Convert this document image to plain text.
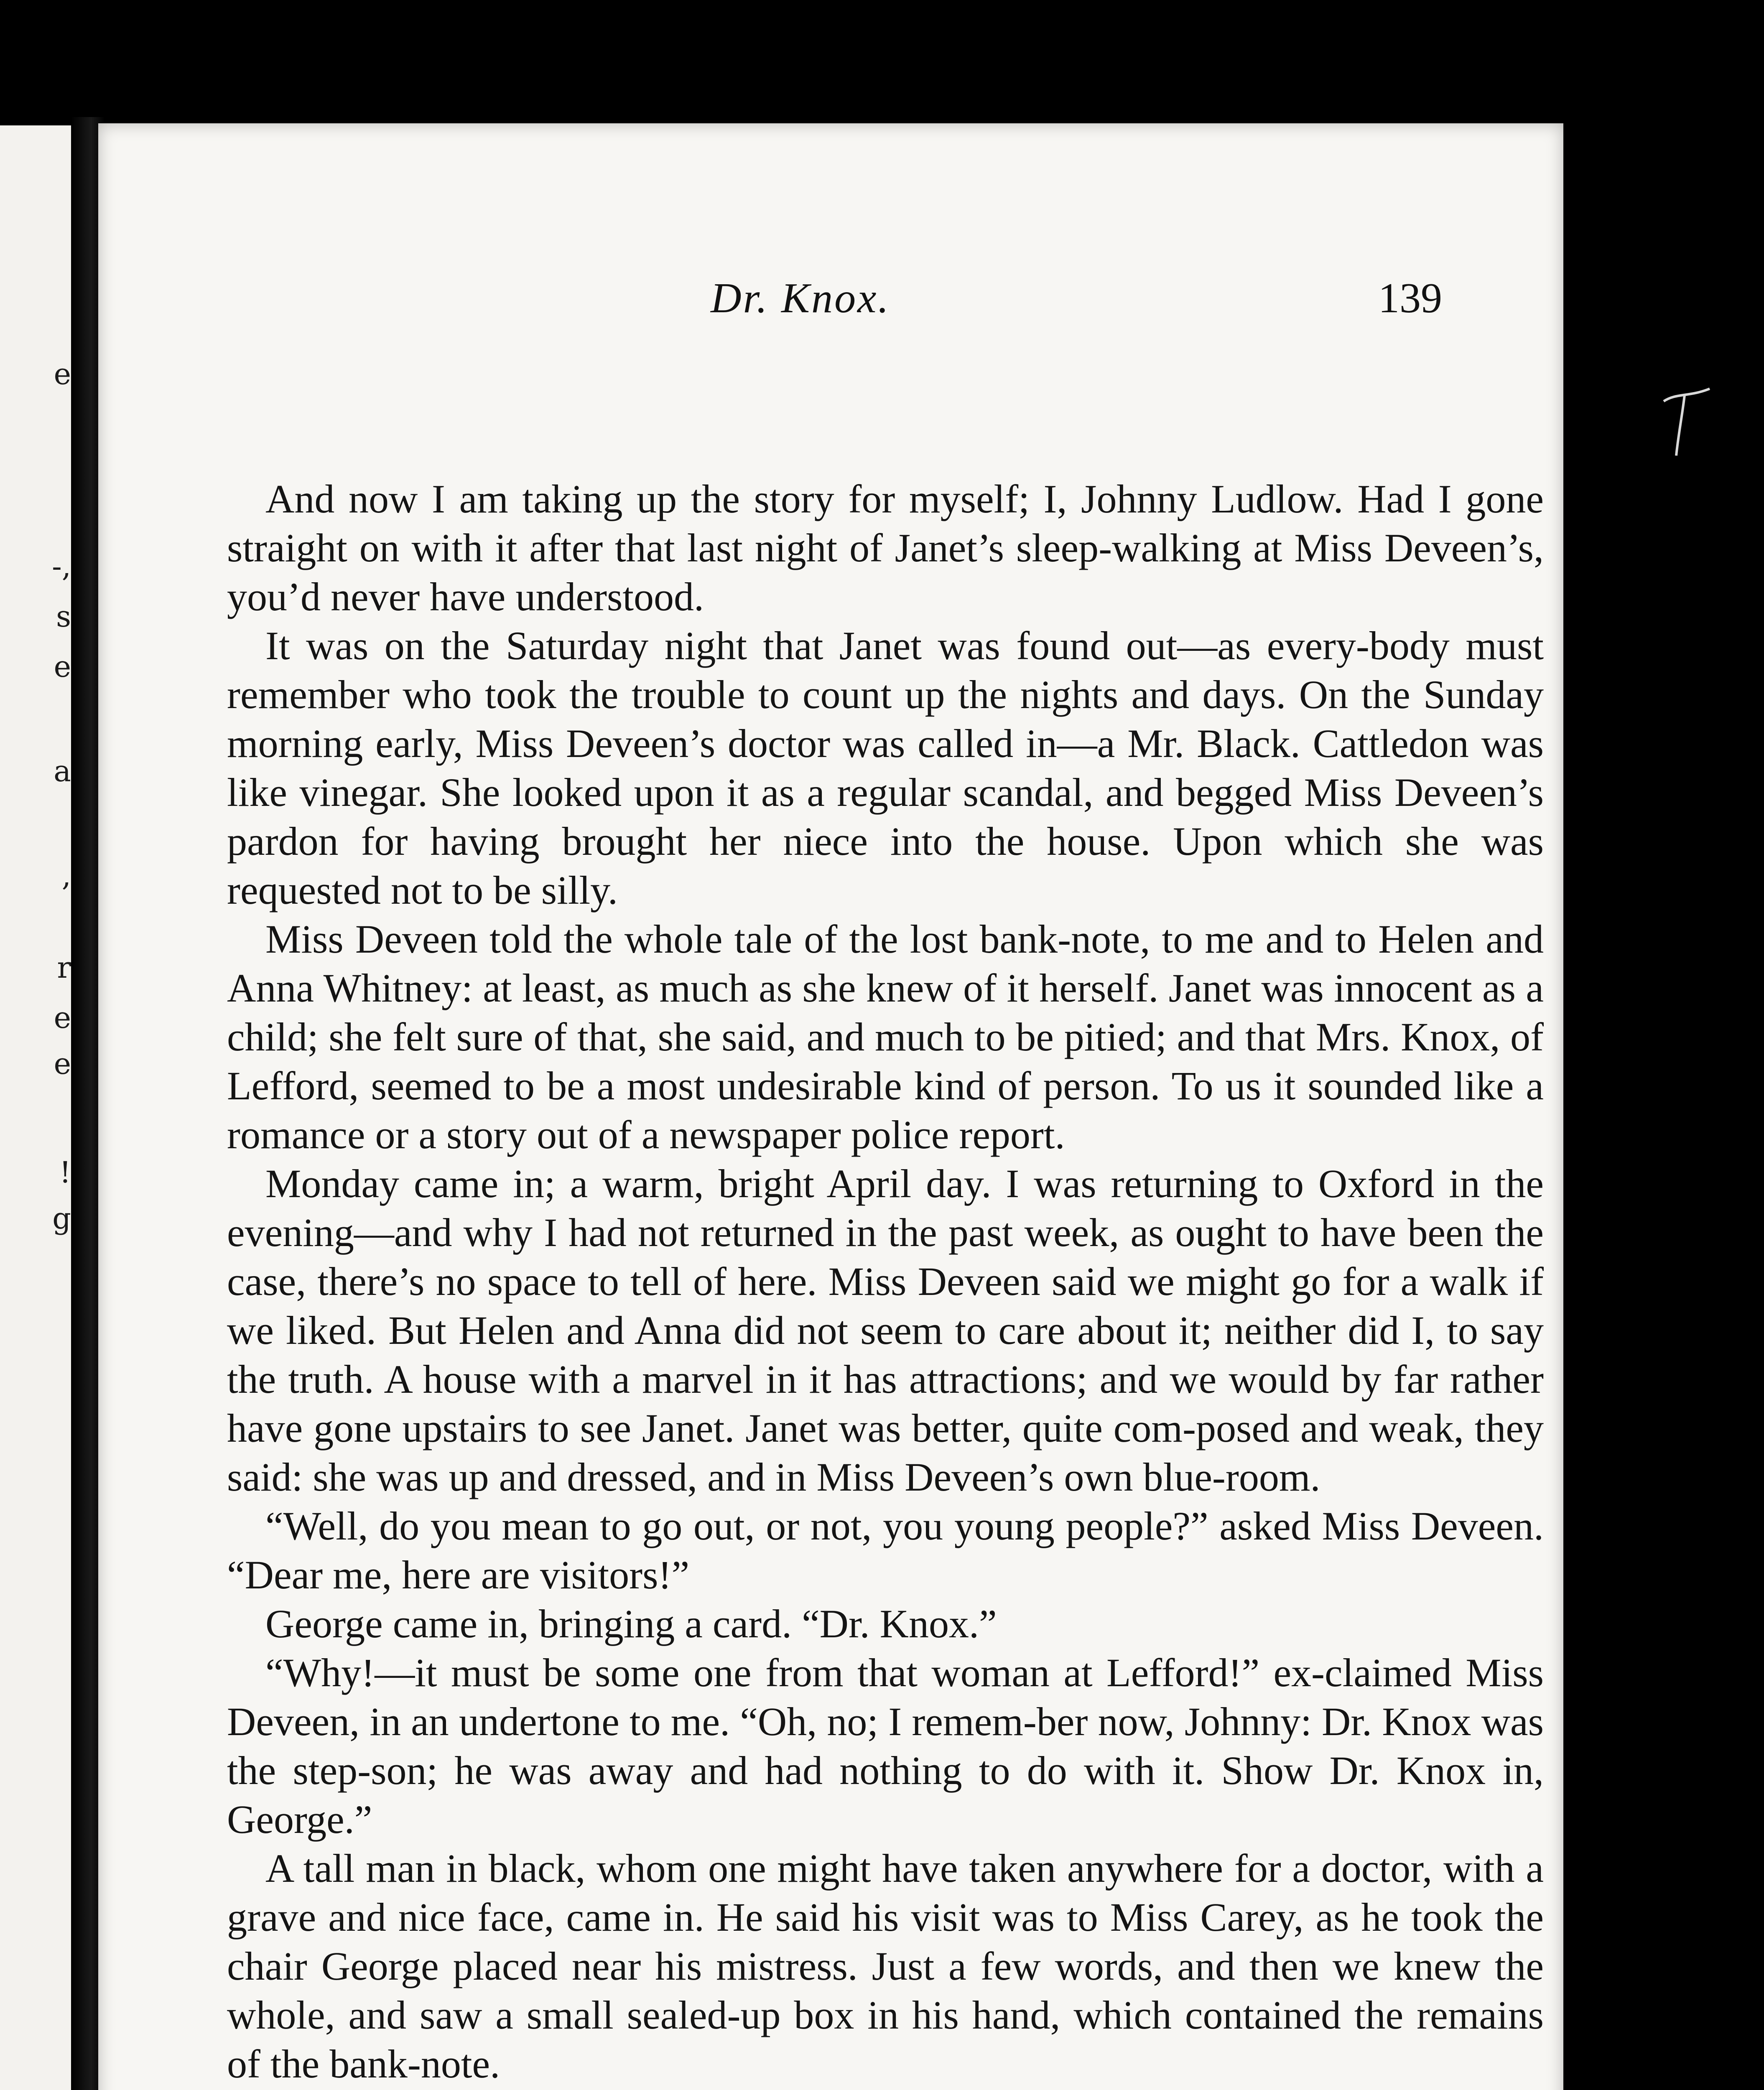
e
-,
s
e
a
,
r
e
e
!
g
Dr. Knox.	139

And now I am taking up the story for myself; I, Johnny Ludlow. Had I gone straight on with it after that last night of Janet’s sleep-walking at Miss Deveen’s, you’d never have understood.

It was on the Saturday night that Janet was found out—as every-body must remember who took the trouble to count up the nights and days. On the Sunday morning early, Miss Deveen’s doctor was called in—a Mr. Black. Cattledon was like vinegar. She looked upon it as a regular scandal, and begged Miss Deveen’s pardon for having brought her niece into the house. Upon which she was requested not to be silly.

Miss Deveen told the whole tale of the lost bank-note, to me and to Helen and Anna Whitney: at least, as much as she knew of it herself. Janet was innocent as a child; she felt sure of that, she said, and much to be pitied; and that Mrs. Knox, of Lefford, seemed to be a most undesirable kind of person. To us it sounded like a romance or a story out of a newspaper police report.

Monday came in; a warm, bright April day. I was returning to Oxford in the evening—and why I had not returned in the past week, as ought to have been the case, there’s no space to tell of here. Miss Deveen said we might go for a walk if we liked. But Helen and Anna did not seem to care about it; neither did I, to say the truth. A house with a marvel in it has attractions; and we would by far rather have gone upstairs to see Janet. Janet was better, quite com-posed and weak, they said: she was up and dressed, and in Miss Deveen’s own blue-room.

“Well, do you mean to go out, or not, you young people?” asked Miss Deveen. “Dear me, here are visitors!”

George came in, bringing a card. “Dr. Knox.”

“Why!—it must be some one from that woman at Lefford!” ex-claimed Miss Deveen, in an undertone to me. “Oh, no; I remem-ber now, Johnny: Dr. Knox was the step-son; he was away and had nothing to do with it. Show Dr. Knox in, George.”

A tall man in black, whom one might have taken anywhere for a doctor, with a grave and nice face, came in. He said his visit was to Miss Carey, as he took the chair George placed near his mistress. Just a few words, and then we knew the whole, and saw a small sealed-up box in his hand, which contained the remains of the bank-note.
